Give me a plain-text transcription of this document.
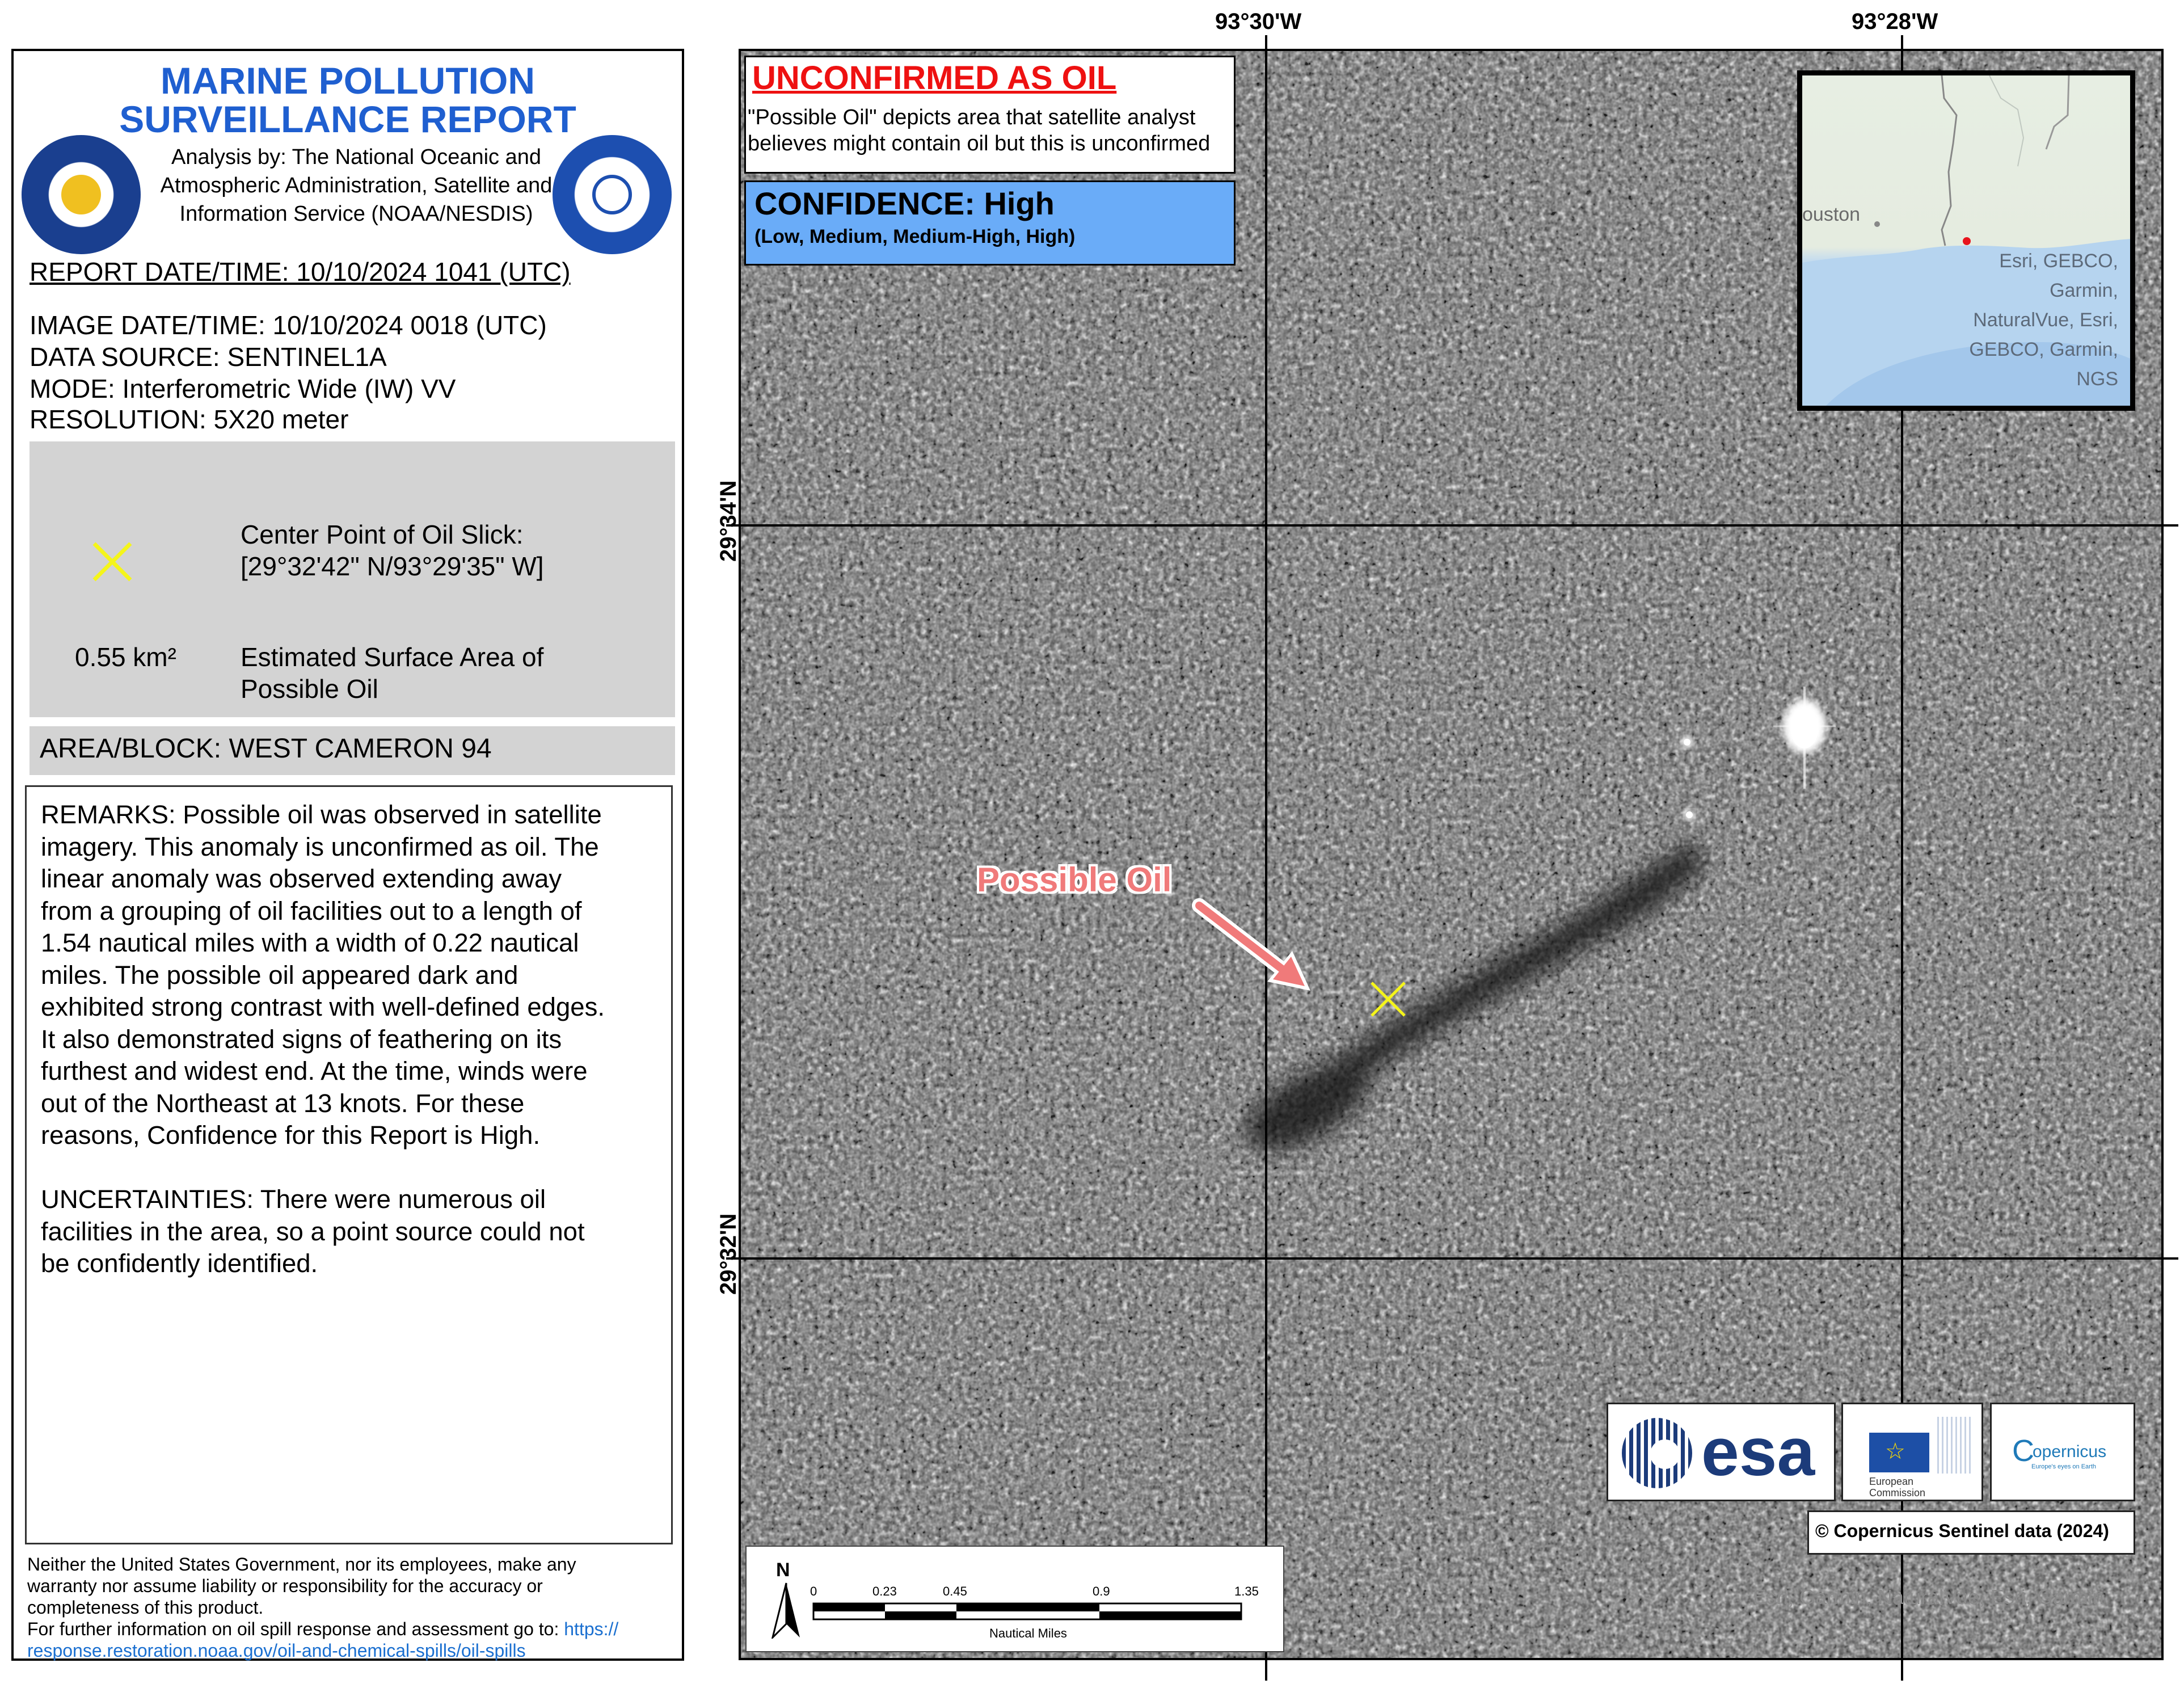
MARINE POLLUTION
SURVEILLANCE REPORT
Analysis by: The National Oceanic and
Atmospheric Administration, Satellite and
Information Service (NOAA/NESDIS)
REPORT DATE/TIME: 10/10/2024 1041 (UTC)
IMAGE DATE/TIME: 10/10/2024 0018 (UTC)
DATA SOURCE: SENTINEL1A
MODE: Interferometric Wide (IW) VV
RESOLUTION: 5X20 meter
Center Point of Oil Slick:
[29°32'42" N/93°29'35" W]
0.55 km² Estimated Surface Area of
Possible Oil
AREA/BLOCK: WEST CAMERON 94
REMARKS: Possible oil was observed in satellite
imagery. This anomaly is unconfirmed as oil. The
linear anomaly was observed extending away
from a grouping of oil facilities out to a length of
1.54 nautical miles with a width of 0.22 nautical
miles. The possible oil appeared dark and
exhibited strong contrast with well-defined edges.
It also demonstrated signs of feathering on its
furthest and widest end. At the time, winds were
out of the Northeast at 13 knots. For these
reasons, Confidence for this Report is High.
UNCERTAINTIES: There were numerous oil
facilities in the area, so a point source could not
be confidently identified.
Neither the United States Government, nor its employees, make any
warranty nor assume liability or responsibility for the accuracy or
completeness of this product.
For further information on oil spill response and assessment go to: https://
response.restoration.noaa.gov/oil-and-chemical-spills/oil-spills
93°30'W	93°28'W
29°34'N
29°32'N
UNCONFIRMED AS OIL
"Possible Oil" depicts area that satellite analyst
believes might contain oil but this is unconfirmed
CONFIDENCE: High
(Low, Medium, Medium-High, High)
ouston
Esri, GEBCO,
Garmin,
NaturalVue, Esri,
GEBCO, Garmin,
NGS
Possible Oil
esa	☆
European
Commission
C
opernicus
Europe's eyes on Earth
© Copernicus Sentinel data (2024)
Esri, Garmin, NaturalVue, Esri, Garmin
N
0	0.23	0.45	0.9	1.35
Nautical Miles
